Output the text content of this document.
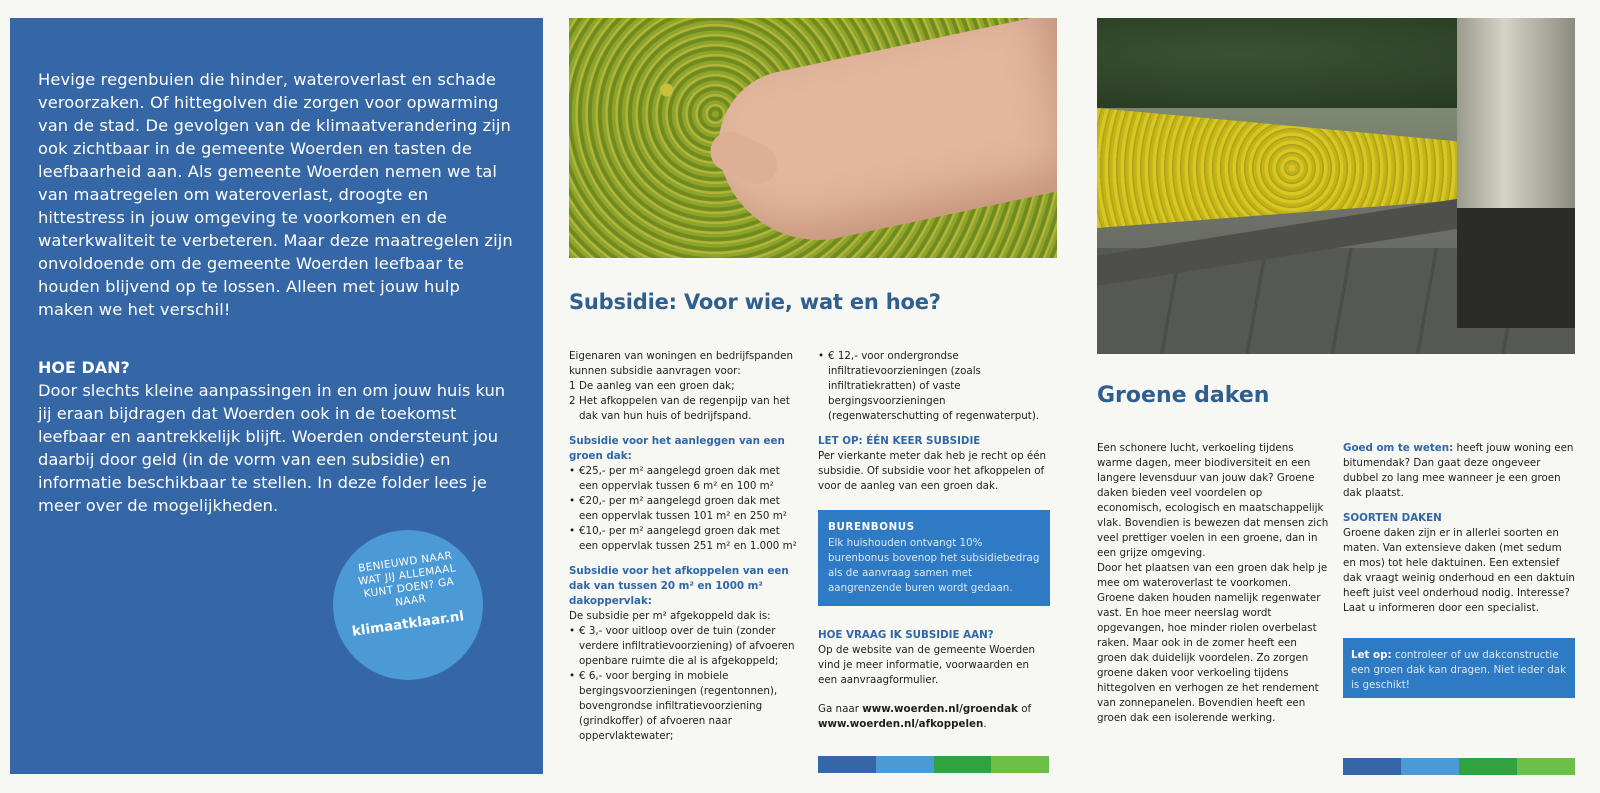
Hevige regenbuien die hinder, wateroverlast en schade veroorzaken. Of hittegolven die zorgen voor opwarming van de stad. De gevolgen van de klimaatverandering zijn ook zichtbaar in de gemeente Woerden en tasten de leefbaarheid aan. Als gemeente Woerden nemen we tal van maatregelen om wateroverlast, droogte en hittestress in jouw omgeving te voorkomen en de waterkwaliteit te verbeteren. Maar deze maatregelen zijn onvoldoende om de gemeente Woerden leefbaar te houden blijvend op te lossen. Alleen met jouw hulp maken we het verschil!

HOE DAN?

Door slechts kleine aanpassingen in en om jouw huis kun jij eraan bijdragen dat Woerden ook in de toekomst leefbaar en aantrekkelijk blijft. Woerden ondersteunt jou daarbij door geld (in de vorm van een subsidie) en informatie beschikbaar te stellen. In deze folder lees je meer over de mogelijkheden.

BENIEUWD NAAR WAT JIJ ALLEMAAL KUNT DOEN? GA NAAR
klimaatklaar.nl
Subsidie: Voor wie, wat en hoe?

Eigenaren van woningen en bedrijfspanden kunnen subsidie aanvragen voor:

1 De aanleg van een groen dak;
2 Het afkoppelen van de regenpijp van het dak van hun huis of bedrijfspand.

Subsidie voor het aanleggen van een groen dak:

• €25,- per m² aangelegd groen dak met een oppervlak tussen 6 m² en 100 m²
• €20,- per m² aangelegd groen dak met een oppervlak tussen 101 m² en 250 m²
• €10,- per m² aangelegd groen dak met een oppervlak tussen 251 m² en 1.000 m²

Subsidie voor het afkoppelen van een dak van tussen 20 m² en 1000 m² dakoppervlak:

De subsidie per m² afgekoppeld dak is:

• € 3,- voor uitloop over de tuin (zonder verdere infiltratievoorziening) of afvoeren openbare ruimte die al is afgekoppeld;
• € 6,- voor berging in mobiele bergingsvoorzieningen (regentonnen), bovengrondse infiltratievoorziening (grindkoffer) of afvoeren naar oppervlaktewater;
• € 12,- voor ondergrondse infiltratievoorzieningen (zoals infiltratiekratten) of vaste bergingsvoorzieningen (regenwaterschutting of regenwaterput).

LET OP: ÉÉN KEER SUBSIDIE

Per vierkante meter dak heb je recht op één subsidie. Of subsidie voor het afkoppelen of voor de aanleg van een groen dak.

BURENBONUS

Elk huishouden ontvangt 10% burenbonus bovenop het subsidiebedrag als de aanvraag samen met aangrenzende buren wordt gedaan.

HOE VRAAG IK SUBSIDIE AAN?

Op de website van de gemeente Woerden vind je meer informatie, voorwaarden en een aanvraagformulier.

Ga naar www.woerden.nl/groendak of www.woerden.nl/afkoppelen.

Groene daken

Een schonere lucht, verkoeling tijdens warme dagen, meer biodiversiteit en een langere levensduur van jouw dak? Groene daken bieden veel voordelen op economisch, ecologisch en maatschappelijk vlak. Bovendien is bewezen dat mensen zich veel prettiger voelen in een groene, dan in een grijze omgeving.

Door het plaatsen van een groen dak help je mee om wateroverlast te voorkomen. Groene daken houden namelijk regenwater vast. En hoe meer neerslag wordt opgevangen, hoe minder riolen overbelast raken. Maar ook in de zomer heeft een groen dak duidelijk voordelen. Zo zorgen groene daken voor verkoeling tijdens hittegolven en verhogen ze het rendement van zonnepanelen. Bovendien heeft een groen dak een isolerende werking.

Goed om te weten: heeft jouw woning een bitumendak? Dan gaat deze ongeveer dubbel zo lang mee wanneer je een groen dak plaatst.

SOORTEN DAKEN

Groene daken zijn er in allerlei soorten en maten. Van extensieve daken (met sedum en mos) tot hele daktuinen. Een extensief dak vraagt weinig onderhoud en een daktuin heeft juist veel onderhoud nodig. Interesse? Laat u informeren door een specialist.

Let op: controleer of uw dakconstructie een groen dak kan dragen. Niet ieder dak is geschikt!
